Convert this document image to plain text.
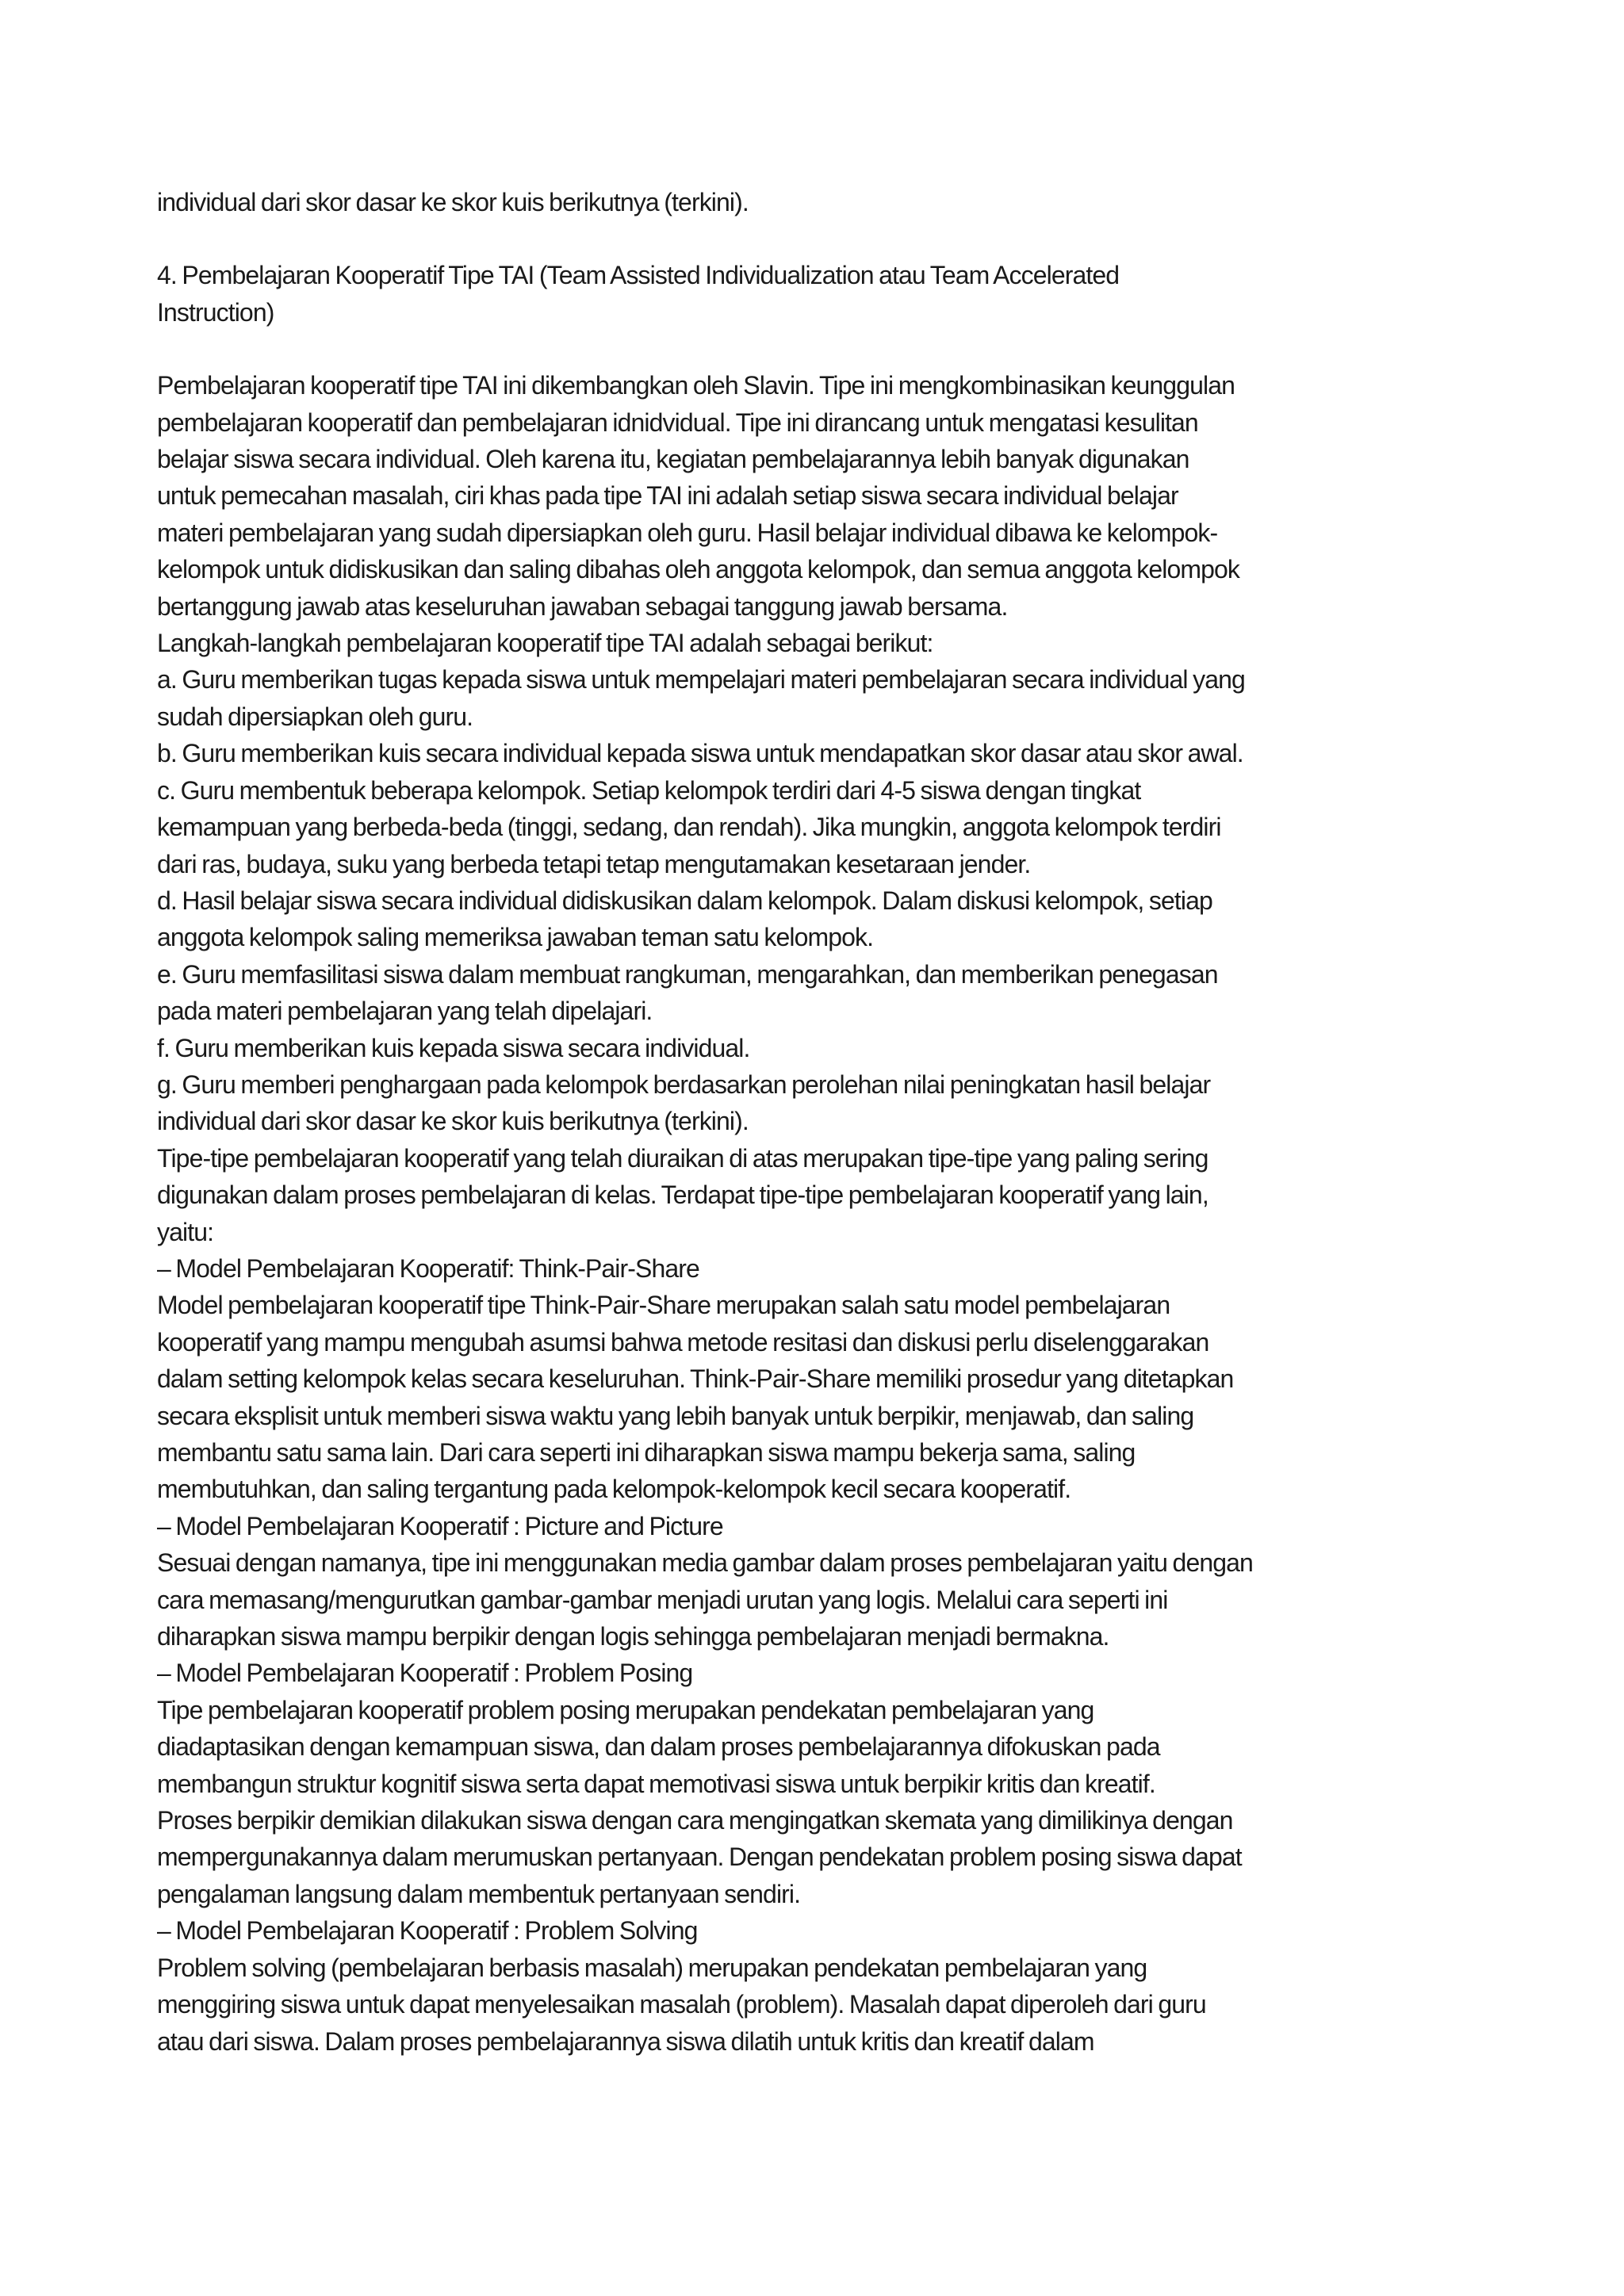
individual dari skor dasar ke skor kuis berikutnya (terkini).

4. Pembelajaran Kooperatif Tipe TAI (Team Assisted Individualization atau Team Accelerated
Instruction)

Pembelajaran kooperatif tipe TAI ini dikembangkan oleh Slavin. Tipe ini mengkombinasikan keunggulan
pembelajaran kooperatif dan pembelajaran idnidvidual. Tipe ini dirancang untuk mengatasi kesulitan
belajar siswa secara individual. Oleh karena itu, kegiatan pembelajarannya lebih banyak digunakan
untuk pemecahan masalah, ciri khas pada tipe TAI ini adalah setiap siswa secara individual belajar
materi pembelajaran yang sudah dipersiapkan oleh guru. Hasil belajar individual dibawa ke kelompok-
kelompok untuk didiskusikan dan saling dibahas oleh anggota kelompok, dan semua anggota kelompok
bertanggung jawab atas keseluruhan jawaban sebagai tanggung jawab bersama.

Langkah-langkah pembelajaran kooperatif tipe TAI adalah sebagai berikut:

a. Guru memberikan tugas kepada siswa untuk mempelajari materi pembelajaran secara individual yang
sudah dipersiapkan oleh guru.

b. Guru memberikan kuis secara individual kepada siswa untuk mendapatkan skor dasar atau skor awal.

c. Guru membentuk beberapa kelompok. Setiap kelompok terdiri dari 4-5 siswa dengan tingkat
kemampuan yang berbeda-beda (tinggi, sedang, dan rendah). Jika mungkin, anggota kelompok terdiri
dari ras, budaya, suku yang berbeda tetapi tetap mengutamakan kesetaraan jender.

d. Hasil belajar siswa secara individual didiskusikan dalam kelompok. Dalam diskusi kelompok, setiap
anggota kelompok saling memeriksa jawaban teman satu kelompok.

e. Guru memfasilitasi siswa dalam membuat rangkuman, mengarahkan, dan memberikan penegasan
pada materi pembelajaran yang telah dipelajari.

f. Guru memberikan kuis kepada siswa secara individual.

g. Guru memberi penghargaan pada kelompok berdasarkan perolehan nilai peningkatan hasil belajar
individual dari skor dasar ke skor kuis berikutnya (terkini).

Tipe-tipe pembelajaran kooperatif yang telah diuraikan di atas merupakan tipe-tipe yang paling sering
digunakan dalam proses pembelajaran di kelas. Terdapat tipe-tipe pembelajaran kooperatif yang lain,
yaitu:

– Model Pembelajaran Kooperatif: Think-Pair-Share

Model pembelajaran kooperatif tipe Think-Pair-Share merupakan salah satu model pembelajaran
kooperatif yang mampu mengubah asumsi bahwa metode resitasi dan diskusi perlu diselenggarakan
dalam setting kelompok kelas secara keseluruhan. Think-Pair-Share memiliki prosedur yang ditetapkan
secara eksplisit untuk memberi siswa waktu yang lebih banyak untuk berpikir, menjawab, dan saling
membantu satu sama lain. Dari cara seperti ini diharapkan siswa mampu bekerja sama, saling
membutuhkan, dan saling tergantung pada kelompok-kelompok kecil secara kooperatif.

– Model Pembelajaran Kooperatif : Picture and Picture

Sesuai dengan namanya, tipe ini menggunakan media gambar dalam proses pembelajaran yaitu dengan
cara memasang/mengurutkan gambar-gambar menjadi urutan yang logis. Melalui cara seperti ini
diharapkan siswa mampu berpikir dengan logis sehingga pembelajaran menjadi bermakna.

– Model Pembelajaran Kooperatif : Problem Posing

Tipe pembelajaran kooperatif problem posing merupakan pendekatan pembelajaran yang
diadaptasikan dengan kemampuan siswa, dan dalam proses pembelajarannya difokuskan pada
membangun struktur kognitif siswa serta dapat memotivasi siswa untuk berpikir kritis dan kreatif.
Proses berpikir demikian dilakukan siswa dengan cara mengingatkan skemata yang dimilikinya dengan
mempergunakannya dalam merumuskan pertanyaan. Dengan pendekatan problem posing siswa dapat
pengalaman langsung dalam membentuk pertanyaan sendiri.

– Model Pembelajaran Kooperatif : Problem Solving

Problem solving (pembelajaran berbasis masalah) merupakan pendekatan pembelajaran yang
menggiring siswa untuk dapat menyelesaikan masalah (problem). Masalah dapat diperoleh dari guru
atau dari siswa. Dalam proses pembelajarannya siswa dilatih untuk kritis dan kreatif dalam
